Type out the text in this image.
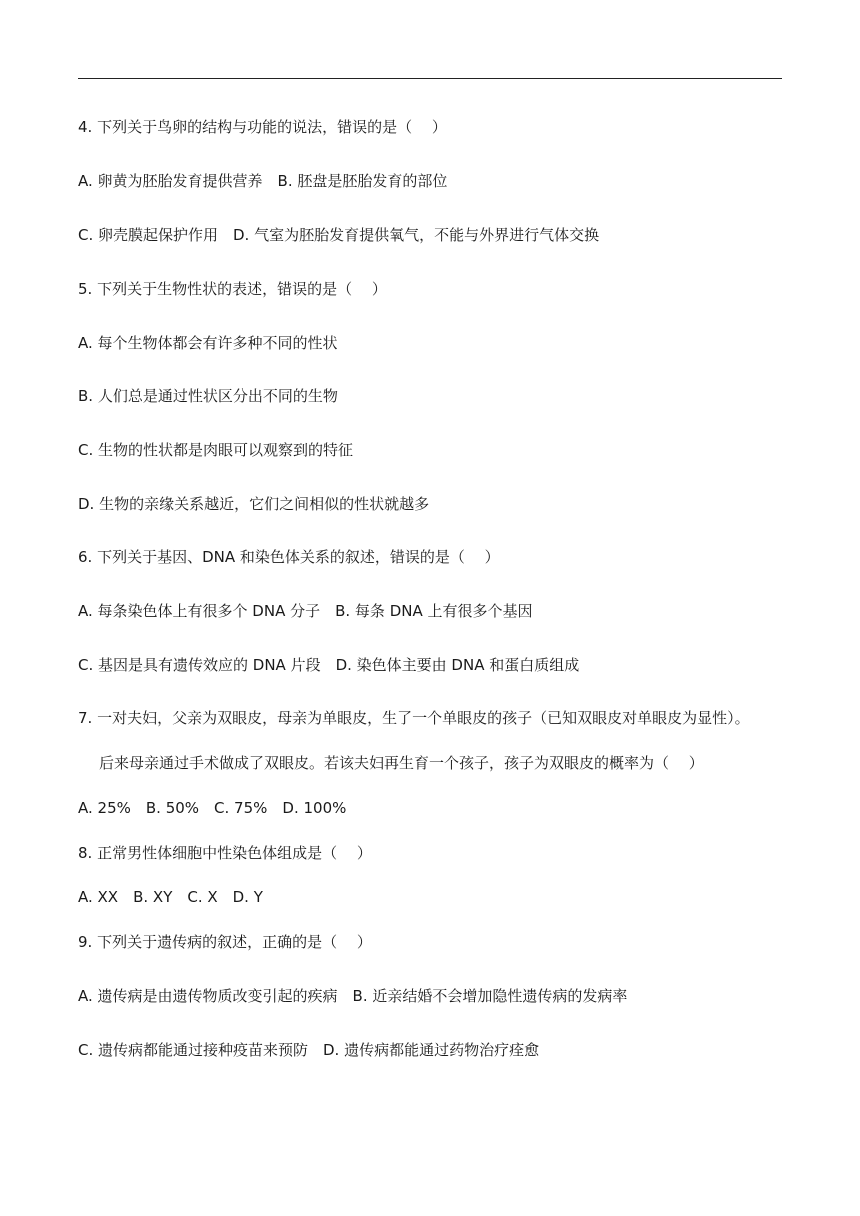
4. 下列关于鸟卵的结构与功能的说法，错误的是（　 ）
A. 卵黄为胚胎发育提供营养　B. 胚盘是胚胎发育的部位
C. 卵壳膜起保护作用　D. 气室为胚胎发育提供氧气，不能与外界进行气体交换
5. 下列关于生物性状的表述，错误的是（　 ）
A. 每个生物体都会有许多种不同的性状
B. 人们总是通过性状区分出不同的生物
C. 生物的性状都是肉眼可以观察到的特征
D. 生物的亲缘关系越近，它们之间相似的性状就越多
6. 下列关于基因、DNA 和染色体关系的叙述，错误的是（　 ）
A. 每条染色体上有很多个 DNA 分子　B. 每条 DNA 上有很多个基因
C. 基因是具有遗传效应的 DNA 片段　D. 染色体主要由 DNA 和蛋白质组成
7. 一对夫妇，父亲为双眼皮，母亲为单眼皮，生了一个单眼皮的孩子（已知双眼皮对单眼皮为显性）。
后来母亲通过手术做成了双眼皮。若该夫妇再生育一个孩子，孩子为双眼皮的概率为（　 ）
A. 25%　B. 50%　C. 75%　D. 100%
8. 正常男性体细胞中性染色体组成是（　 ）
A. XX　B. XY　C. X　D. Y
9. 下列关于遗传病的叙述，正确的是（　 ）
A. 遗传病是由遗传物质改变引起的疾病　B. 近亲结婚不会增加隐性遗传病的发病率
C. 遗传病都能通过接种疫苗来预防　D. 遗传病都能通过药物治疗痊愈
